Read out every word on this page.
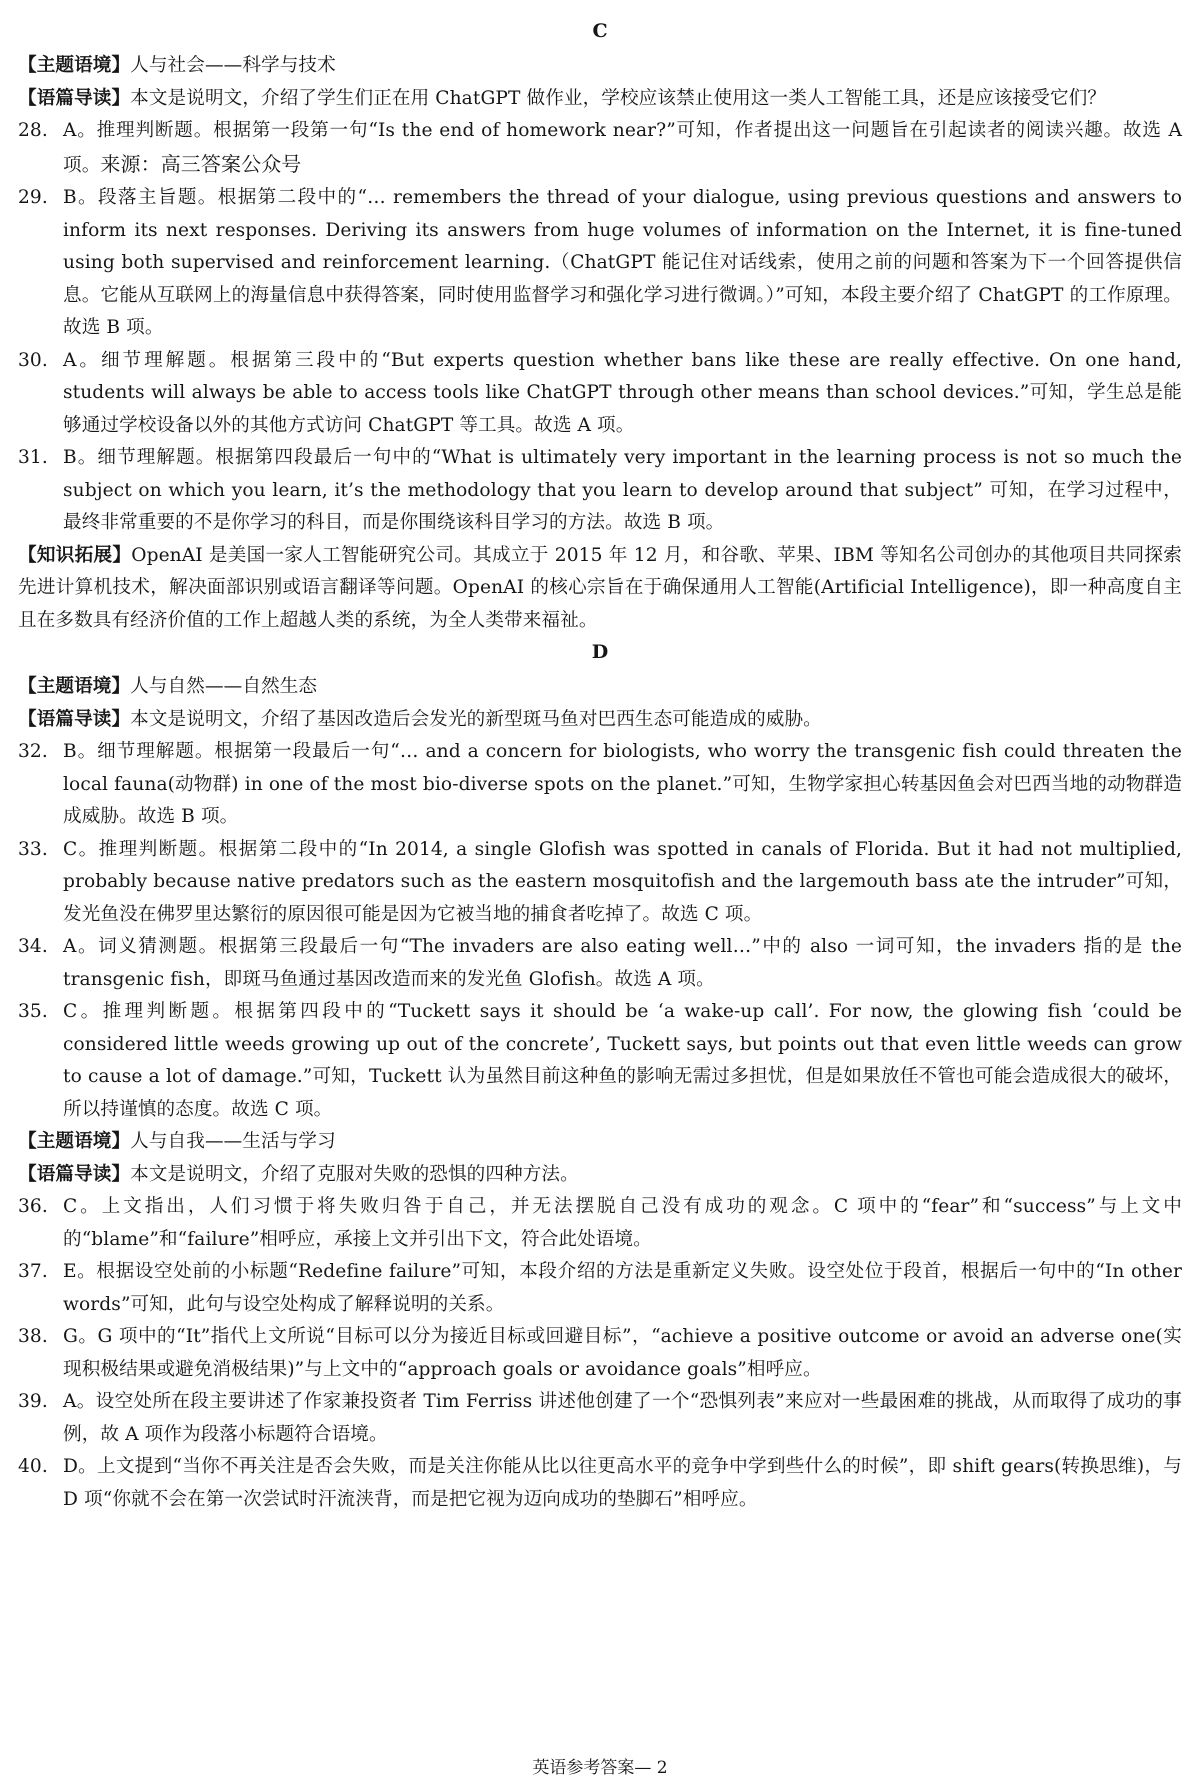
C

【主题语境】人与社会——科学与技术

【语篇导读】本文是说明文，介绍了学生们正在用 ChatGPT 做作业，学校应该禁止使用这一类人工智能工具，还是应该接受它们？

28. A。推理判断题。根据第一段第一句“Is the end of homework near?”可知，作者提出这一问题旨在引起读者的阅读兴趣。故选 A 项。来源：高三答案公众号

29. B。段落主旨题。根据第二段中的“… remembers the thread of your dialogue, using previous questions and answers to inform its next responses. Deriving its answers from huge volumes of information on the Internet, it is fine-tuned using both supervised and reinforcement learning.（ChatGPT 能记住对话线索，使用之前的问题和答案为下一个回答提供信息。它能从互联网上的海量信息中获得答案，同时使用监督学习和强化学习进行微调。）”可知，本段主要介绍了 ChatGPT 的工作原理。故选 B 项。

30. A。细节理解题。根据第三段中的“But experts question whether bans like these are really effective. On one hand, students will always be able to access tools like ChatGPT through other means than school devices.”可知，学生总是能够通过学校设备以外的其他方式访问 ChatGPT 等工具。故选 A 项。

31. B。细节理解题。根据第四段最后一句中的“What is ultimately very important in the learning process is not so much the subject on which you learn, it’s the methodology that you learn to develop around that subject” 可知，在学习过程中，最终非常重要的不是你学习的科目，而是你围绕该科目学习的方法。故选 B 项。

【知识拓展】OpenAI 是美国一家人工智能研究公司。其成立于 2015 年 12 月，和谷歌、苹果、IBM 等知名公司创办的其他项目共同探索先进计算机技术，解决面部识别或语言翻译等问题。OpenAI 的核心宗旨在于确保通用人工智能(Artificial Intelligence)，即一种高度自主且在多数具有经济价值的工作上超越人类的系统，为全人类带来福祉。

D

【主题语境】人与自然——自然生态

【语篇导读】本文是说明文，介绍了基因改造后会发光的新型斑马鱼对巴西生态可能造成的威胁。

32. B。细节理解题。根据第一段最后一句“… and a concern for biologists, who worry the transgenic fish could threaten the local fauna(动物群) in one of the most bio-diverse spots on the planet.”可知，生物学家担心转基因鱼会对巴西当地的动物群造成威胁。故选 B 项。

33. C。推理判断题。根据第二段中的“In 2014, a single Glofish was spotted in canals of Florida. But it had not multiplied, probably because native predators such as the eastern mosquitofish and the largemouth bass ate the intruder”可知，发光鱼没在佛罗里达繁衍的原因很可能是因为它被当地的捕食者吃掉了。故选 C 项。

34. A。词义猜测题。根据第三段最后一句“The invaders are also eating well…”中的 also 一词可知，the invaders 指的是 the transgenic fish，即斑马鱼通过基因改造而来的发光鱼 Glofish。故选 A 项。

35. C。推理判断题。根据第四段中的“Tuckett says it should be ‘a wake-up call’. For now, the glowing fish ‘could be considered little weeds growing up out of the concrete’, Tuckett says, but points out that even little weeds can grow to cause a lot of damage.”可知，Tuckett 认为虽然目前这种鱼的影响无需过多担忧，但是如果放任不管也可能会造成很大的破坏，所以持谨慎的态度。故选 C 项。

【主题语境】人与自我——生活与学习

【语篇导读】本文是说明文，介绍了克服对失败的恐惧的四种方法。

36. C。上文指出，人们习惯于将失败归咎于自己，并无法摆脱自己没有成功的观念。C 项中的“fear”和“success”与上文中的“blame”和“failure”相呼应，承接上文并引出下文，符合此处语境。

37. E。根据设空处前的小标题“Redefine failure”可知，本段介绍的方法是重新定义失败。设空处位于段首，根据后一句中的“In other words”可知，此句与设空处构成了解释说明的关系。

38. G。G 项中的“It”指代上文所说“目标可以分为接近目标或回避目标”，“achieve a positive outcome or avoid an adverse one(实现积极结果或避免消极结果)”与上文中的“approach goals or avoidance goals”相呼应。

39. A。设空处所在段主要讲述了作家兼投资者 Tim Ferriss 讲述他创建了一个“恐惧列表”来应对一些最困难的挑战，从而取得了成功的事例，故 A 项作为段落小标题符合语境。

40. D。上文提到“当你不再关注是否会失败，而是关注你能从比以往更高水平的竞争中学到些什么的时候”，即 shift gears(转换思维)，与 D 项“你就不会在第一次尝试时汗流浃背，而是把它视为迈向成功的垫脚石”相呼应。

英语参考答案— 2
